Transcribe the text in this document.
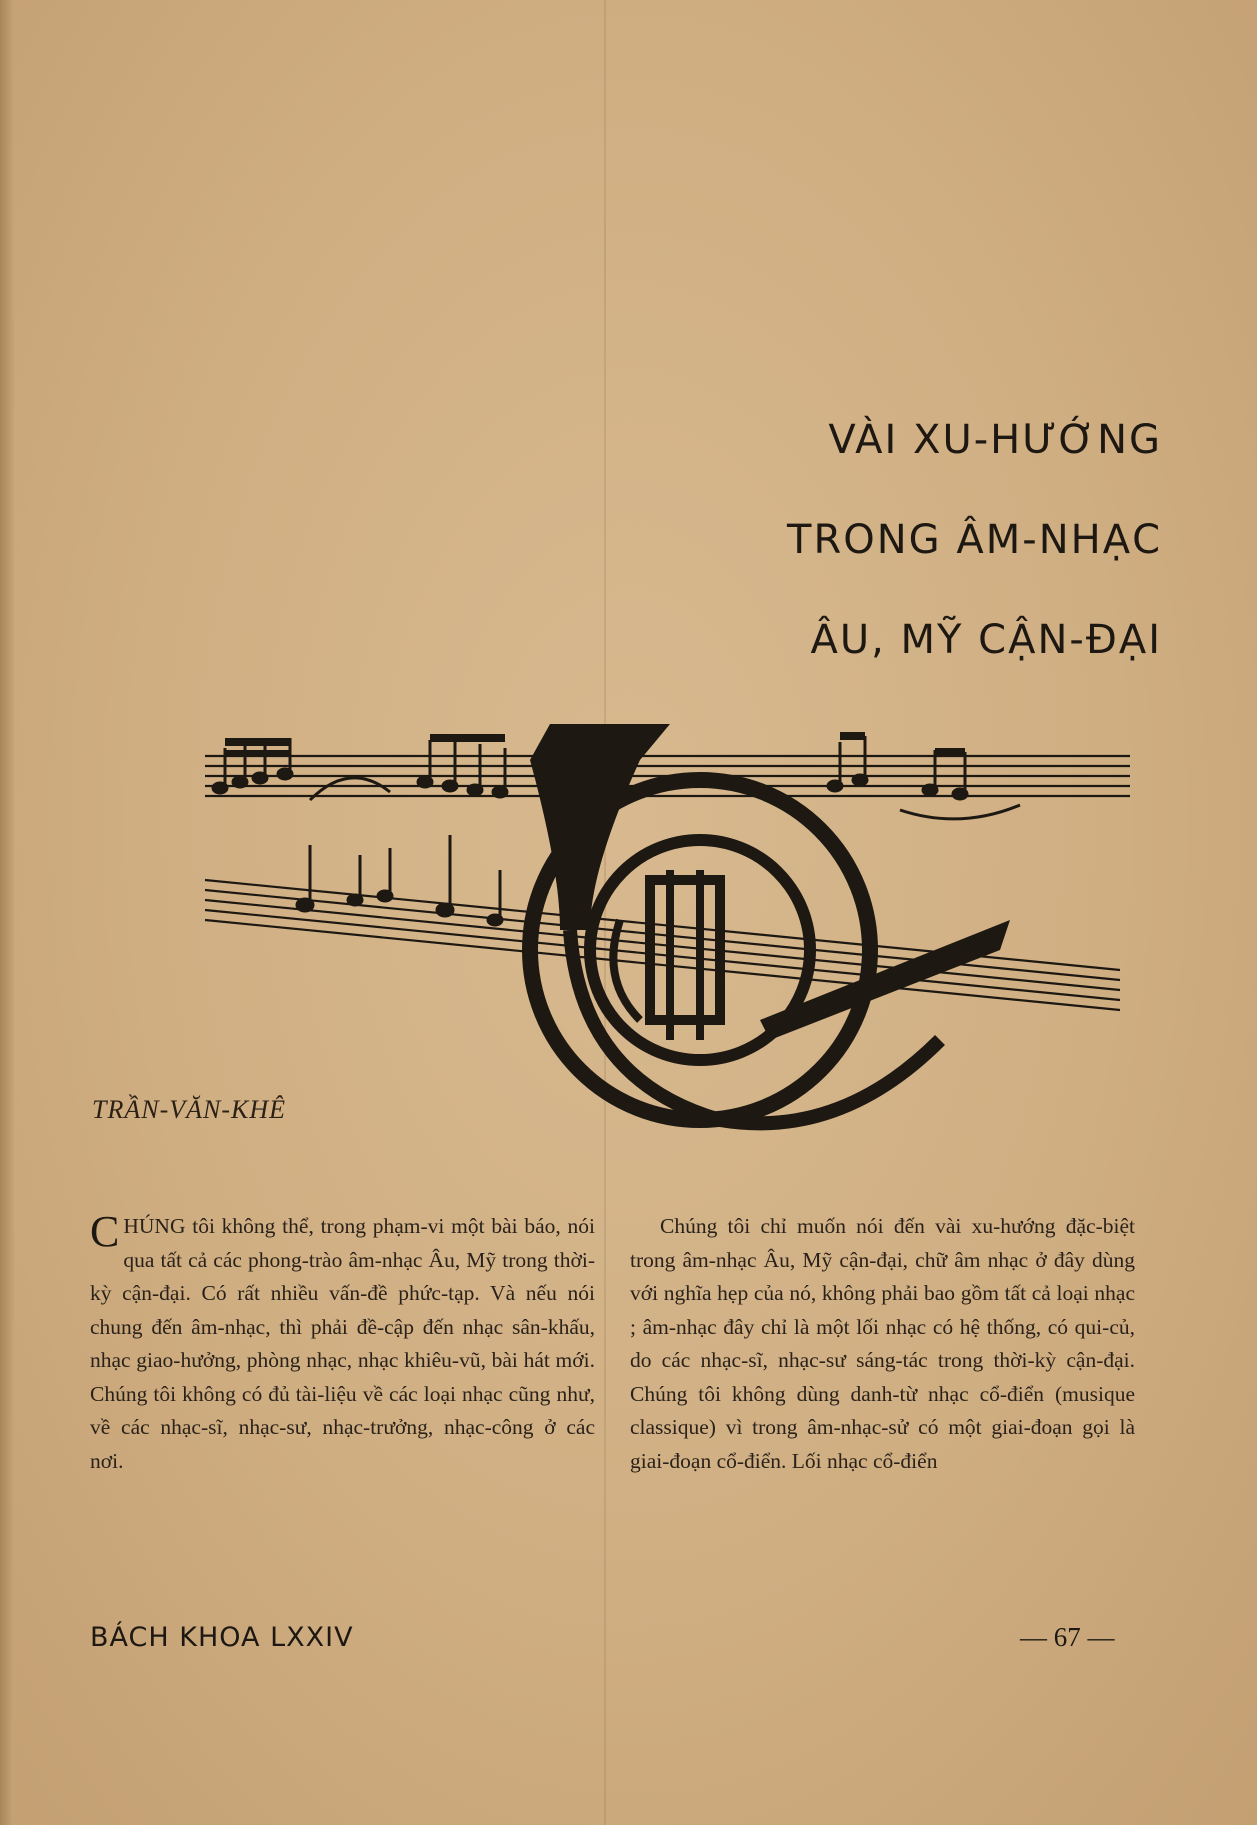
VÀI XU-HƯỚNG
TRONG ÂM-NHẠC
ÂU, MỸ CẬN-ĐẠI
TRẦN-VĂN-KHÊ

CHÚNG tôi không thể, trong phạm-vi một bài báo, nói qua tất cả các phong-trào âm-nhạc Âu, Mỹ trong thời-kỳ cận-đại. Có rất nhiều vấn-đề phức-tạp. Và nếu nói chung đến âm-nhạc, thì phải đề-cập đến nhạc sân-khấu, nhạc giao-hưởng, phòng nhạc, nhạc khiêu-vũ, bài hát mới. Chúng tôi không có đủ tài-liệu về các loại nhạc cũng như, về các nhạc-sĩ, nhạc-sư, nhạc-trưởng, nhạc-công ở các nơi.

Chúng tôi chỉ muốn nói đến vài xu-hướng đặc-biệt trong âm-nhạc Âu, Mỹ cận-đại, chữ âm nhạc ở đây dùng với nghĩa hẹp của nó, không phải bao gồm tất cả loại nhạc ; âm-nhạc đây chỉ là một lối nhạc có hệ thống, có qui-củ, do các nhạc-sĩ, nhạc-sư sáng-tác trong thời-kỳ cận-đại. Chúng tôi không dùng danh-từ nhạc cổ-điển (musique classique) vì trong âm-nhạc-sử có một giai-đoạn gọi là giai-đoạn cổ-điển. Lối nhạc cổ-điển

BÁCH KHOA LXXIV	— 67 —
